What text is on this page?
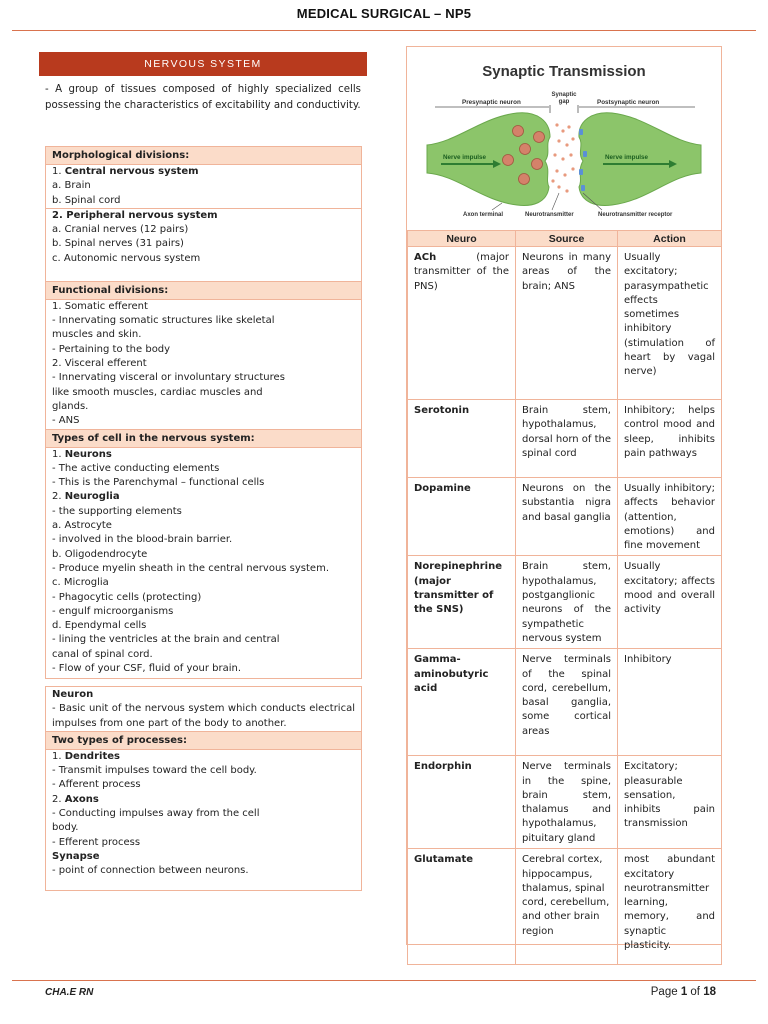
MEDICAL SURGICAL – NP5
NERVOUS SYSTEM
- A group of tissues composed of highly specialized cells possessing the characteristics of excitability and conductivity.
Morphological divisions:
1. Central nervous system
a. Brain
b. Spinal cord
2. Peripheral nervous system
a. Cranial nerves (12 pairs)
b. Spinal nerves (31 pairs)
c. Autonomic nervous system
Functional divisions:
1. Somatic efferent
- Innervating somatic structures like skeletal
muscles and skin.
- Pertaining to the body
2. Visceral efferent
- Innervating visceral or involuntary structures
like smooth muscles, cardiac muscles and
glands.
- ANS
Types of cell in the nervous system:
1. Neurons
- The active conducting elements
- This is the Parenchymal – functional cells
2. Neuroglia
- the supporting elements
a. Astrocyte
- involved in the blood-brain barrier.
b. Oligodendrocyte
- Produce myelin sheath in the central nervous system.
c. Microglia
- Phagocytic cells (protecting)
- engulf microorganisms
d. Ependymal cells
- lining the ventricles at the brain and central
canal of spinal cord.
- Flow of your CSF, fluid of your brain.
Neuron
- Basic unit of the nervous system which conducts electrical impulses from one part of the body to another.
Two types of processes:
1. Dendrites
- Transmit impulses toward the cell body.
- Afferent process
2. Axons
- Conducting impulses away from the cell
body.
- Efferent process
Synapse
- point of connection between neurons.
Synaptic Transmission
Presynaptic neuron
Synaptic gap	Postsynaptic neuron
Nerve impulse	Nerve impulse
Axon terminal	Neurotransmitter	Neurotransmitter receptor
Neuro	Source	Action
ACh (major transmitter of the PNS)	Neurons in many areas of the brain; ANS	Usually excitatory; parasympathetic effects sometimes inhibitory (stimulation of heart by vagal nerve)
Serotonin	Brain stem, hypothalamus, dorsal horn of the spinal cord	Inhibitory; helps control mood and sleep, inhibits pain pathways
Dopamine	Neurons on the substantia nigra and basal ganglia	Usually inhibitory; affects behavior (attention, emotions) and fine movement
Norepinephrine (major transmitter of the SNS)	Brain stem, hypothalamus, postganglionic neurons of the sympathetic nervous system	Usually excitatory; affects mood and overall activity
Gamma-aminobutyric acid	Nerve terminals of the spinal cord, cerebellum, basal ganglia, some cortical areas	Inhibitory
Endorphin	Nerve terminals in the spine, brain stem, thalamus and hypothalamus, pituitary gland	Excitatory; pleasurable sensation, inhibits pain transmission
Glutamate	Cerebral cortex, hippocampus, thalamus, spinal cord, cerebellum, and other brain region	most abundant excitatory neurotransmitter learning, memory, and synaptic plasticity.
CHA.E RN	Page 1 of 18
